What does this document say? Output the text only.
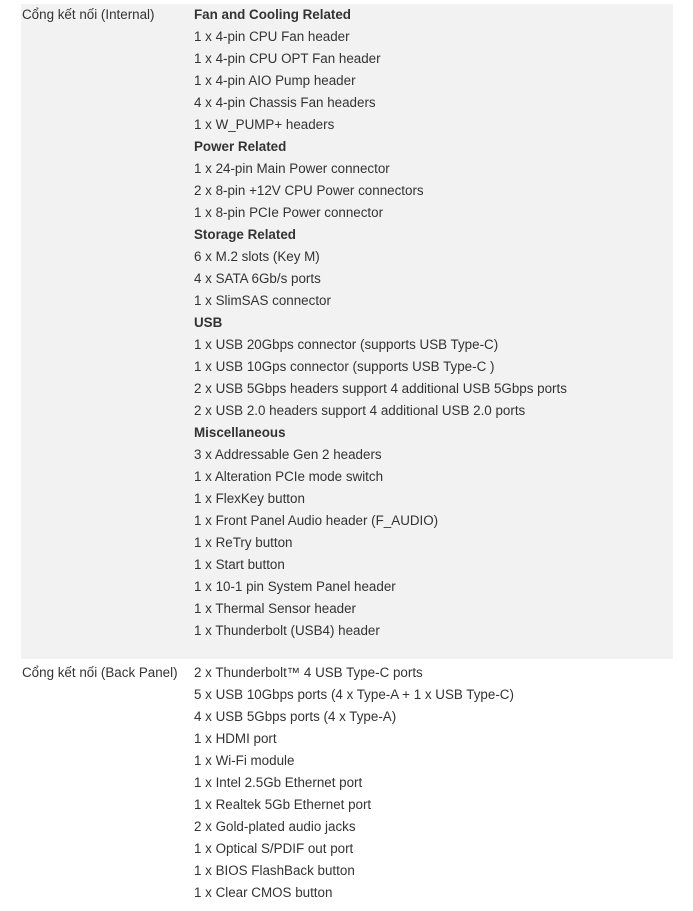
Cổng kết nối (Internal)	Fan and Cooling Related
1 x 4-pin CPU Fan header
1 x 4-pin CPU OPT Fan header
1 x 4-pin AIO Pump header
4 x 4-pin Chassis Fan headers
1 x W_PUMP+ headers
Power Related
1 x 24-pin Main Power connector
2 x 8-pin +12V CPU Power connectors
1 x 8-pin PCIe Power connector
Storage Related
6 x M.2 slots (Key M)
4 x SATA 6Gb/s ports
1 x SlimSAS connector
USB
1 x USB 20Gbps connector (supports USB Type-C)
1 x USB 10Gps connector (supports USB Type-C )
2 x USB 5Gbps headers support 4 additional USB 5Gbps ports
2 x USB 2.0 headers support 4 additional USB 2.0 ports
Miscellaneous
3 x Addressable Gen 2 headers
1 x Alteration PCIe mode switch
1 x FlexKey button
1 x Front Panel Audio header (F_AUDIO)
1 x ReTry button
1 x Start button
1 x 10-1 pin System Panel header
1 x Thermal Sensor header
1 x Thunderbolt (USB4) header
Cổng kết nối (Back Panel)	2 x Thunderbolt™ 4 USB Type-C ports
5 x USB 10Gbps ports (4 x Type-A + 1 x USB Type-C)
4 x USB 5Gbps ports (4 x Type-A)
1 x HDMI port
1 x Wi-Fi module
1 x Intel 2.5Gb Ethernet port
1 x Realtek 5Gb Ethernet port
2 x Gold-plated audio jacks
1 x Optical S/PDIF out port
1 x BIOS FlashBack button
1 x Clear CMOS button
